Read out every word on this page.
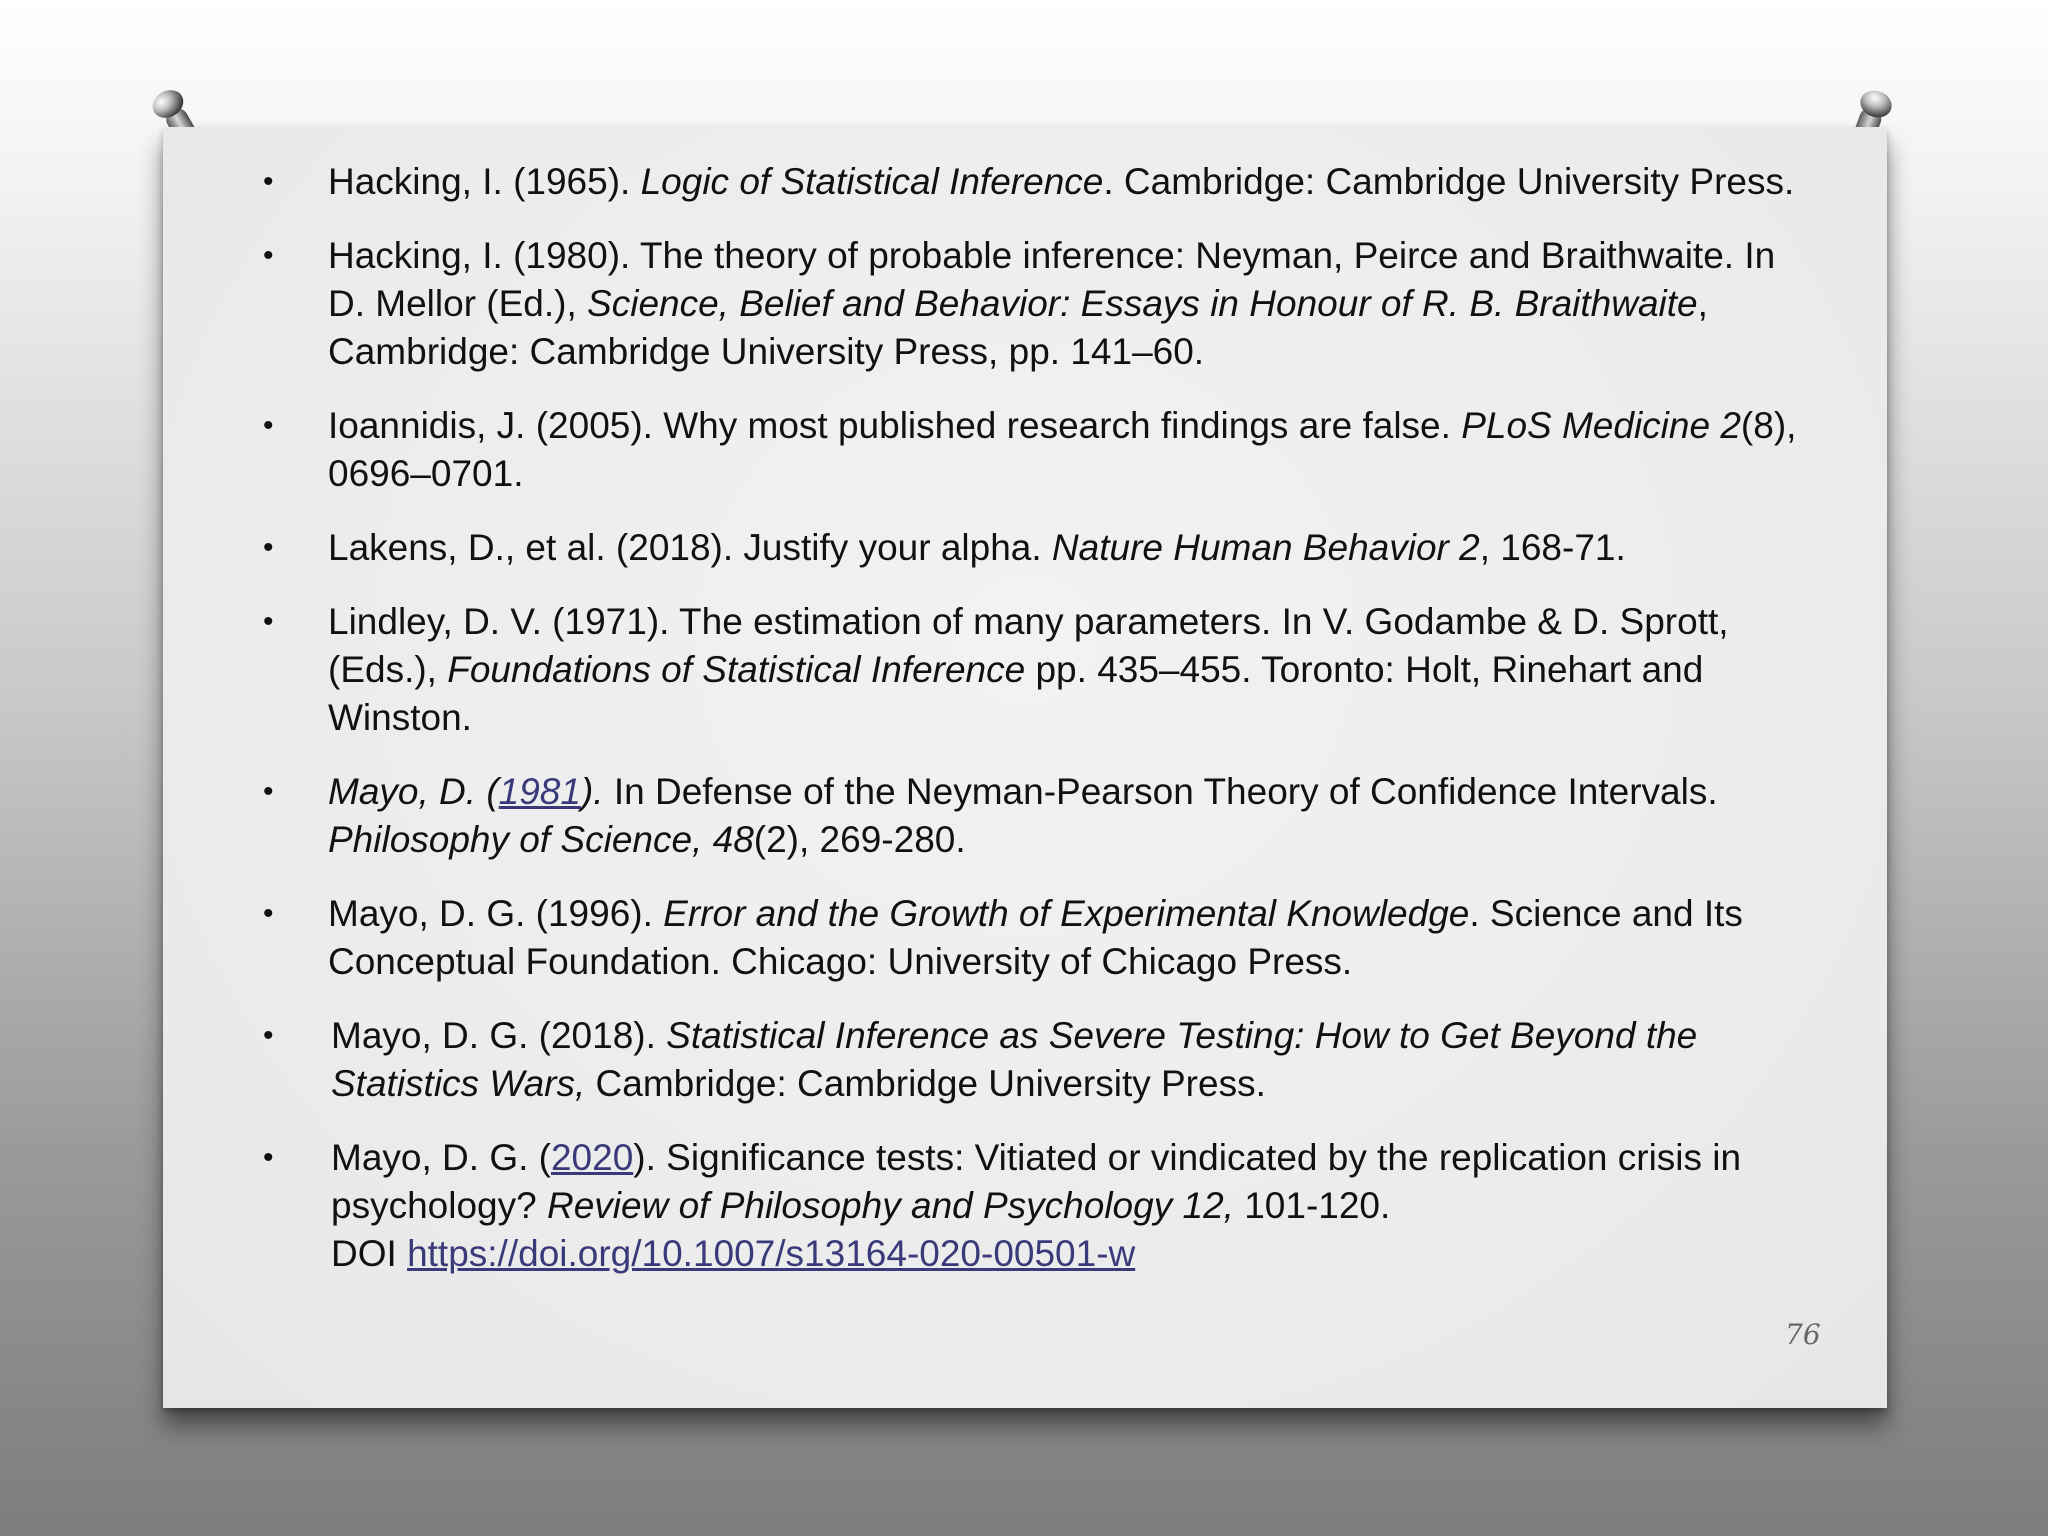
• Hacking, I. (1965). Logic of Statistical Inference. Cambridge: Cambridge University Press.
• Hacking, I. (1980). The theory of probable inference: Neyman, Peirce and Braithwaite. In D. Mellor (Ed.), Science, Belief and Behavior: Essays in Honour of R. B. Braithwaite, Cambridge: Cambridge University Press, pp. 141–60.
• Ioannidis, J. (2005). Why most published research findings are false. PLoS Medicine 2(8), 0696–0701.
• Lakens, D., et al. (2018). Justify your alpha. Nature Human Behavior 2, 168-71.
• Lindley, D. V. (1971). The estimation of many parameters. In V. Godambe & D. Sprott, (Eds.), Foundations of Statistical Inference pp. 435–455. Toronto: Holt, Rinehart and Winston.
• Mayo, D. (1981). In Defense of the Neyman-Pearson Theory of Confidence Intervals. Philosophy of Science, 48(2), 269-280.
• Mayo, D. G. (1996). Error and the Growth of Experimental Knowledge. Science and Its Conceptual Foundation. Chicago: University of Chicago Press.
• Mayo, D. G. (2018). Statistical Inference as Severe Testing: How to Get Beyond the Statistics Wars, Cambridge: Cambridge University Press.
• Mayo, D. G. (2020). Significance tests: Vitiated or vindicated by the replication crisis in psychology? Review of Philosophy and Psychology 12, 101-120.
DOI https://doi.org/10.1007/s13164-020-00501-w
76
